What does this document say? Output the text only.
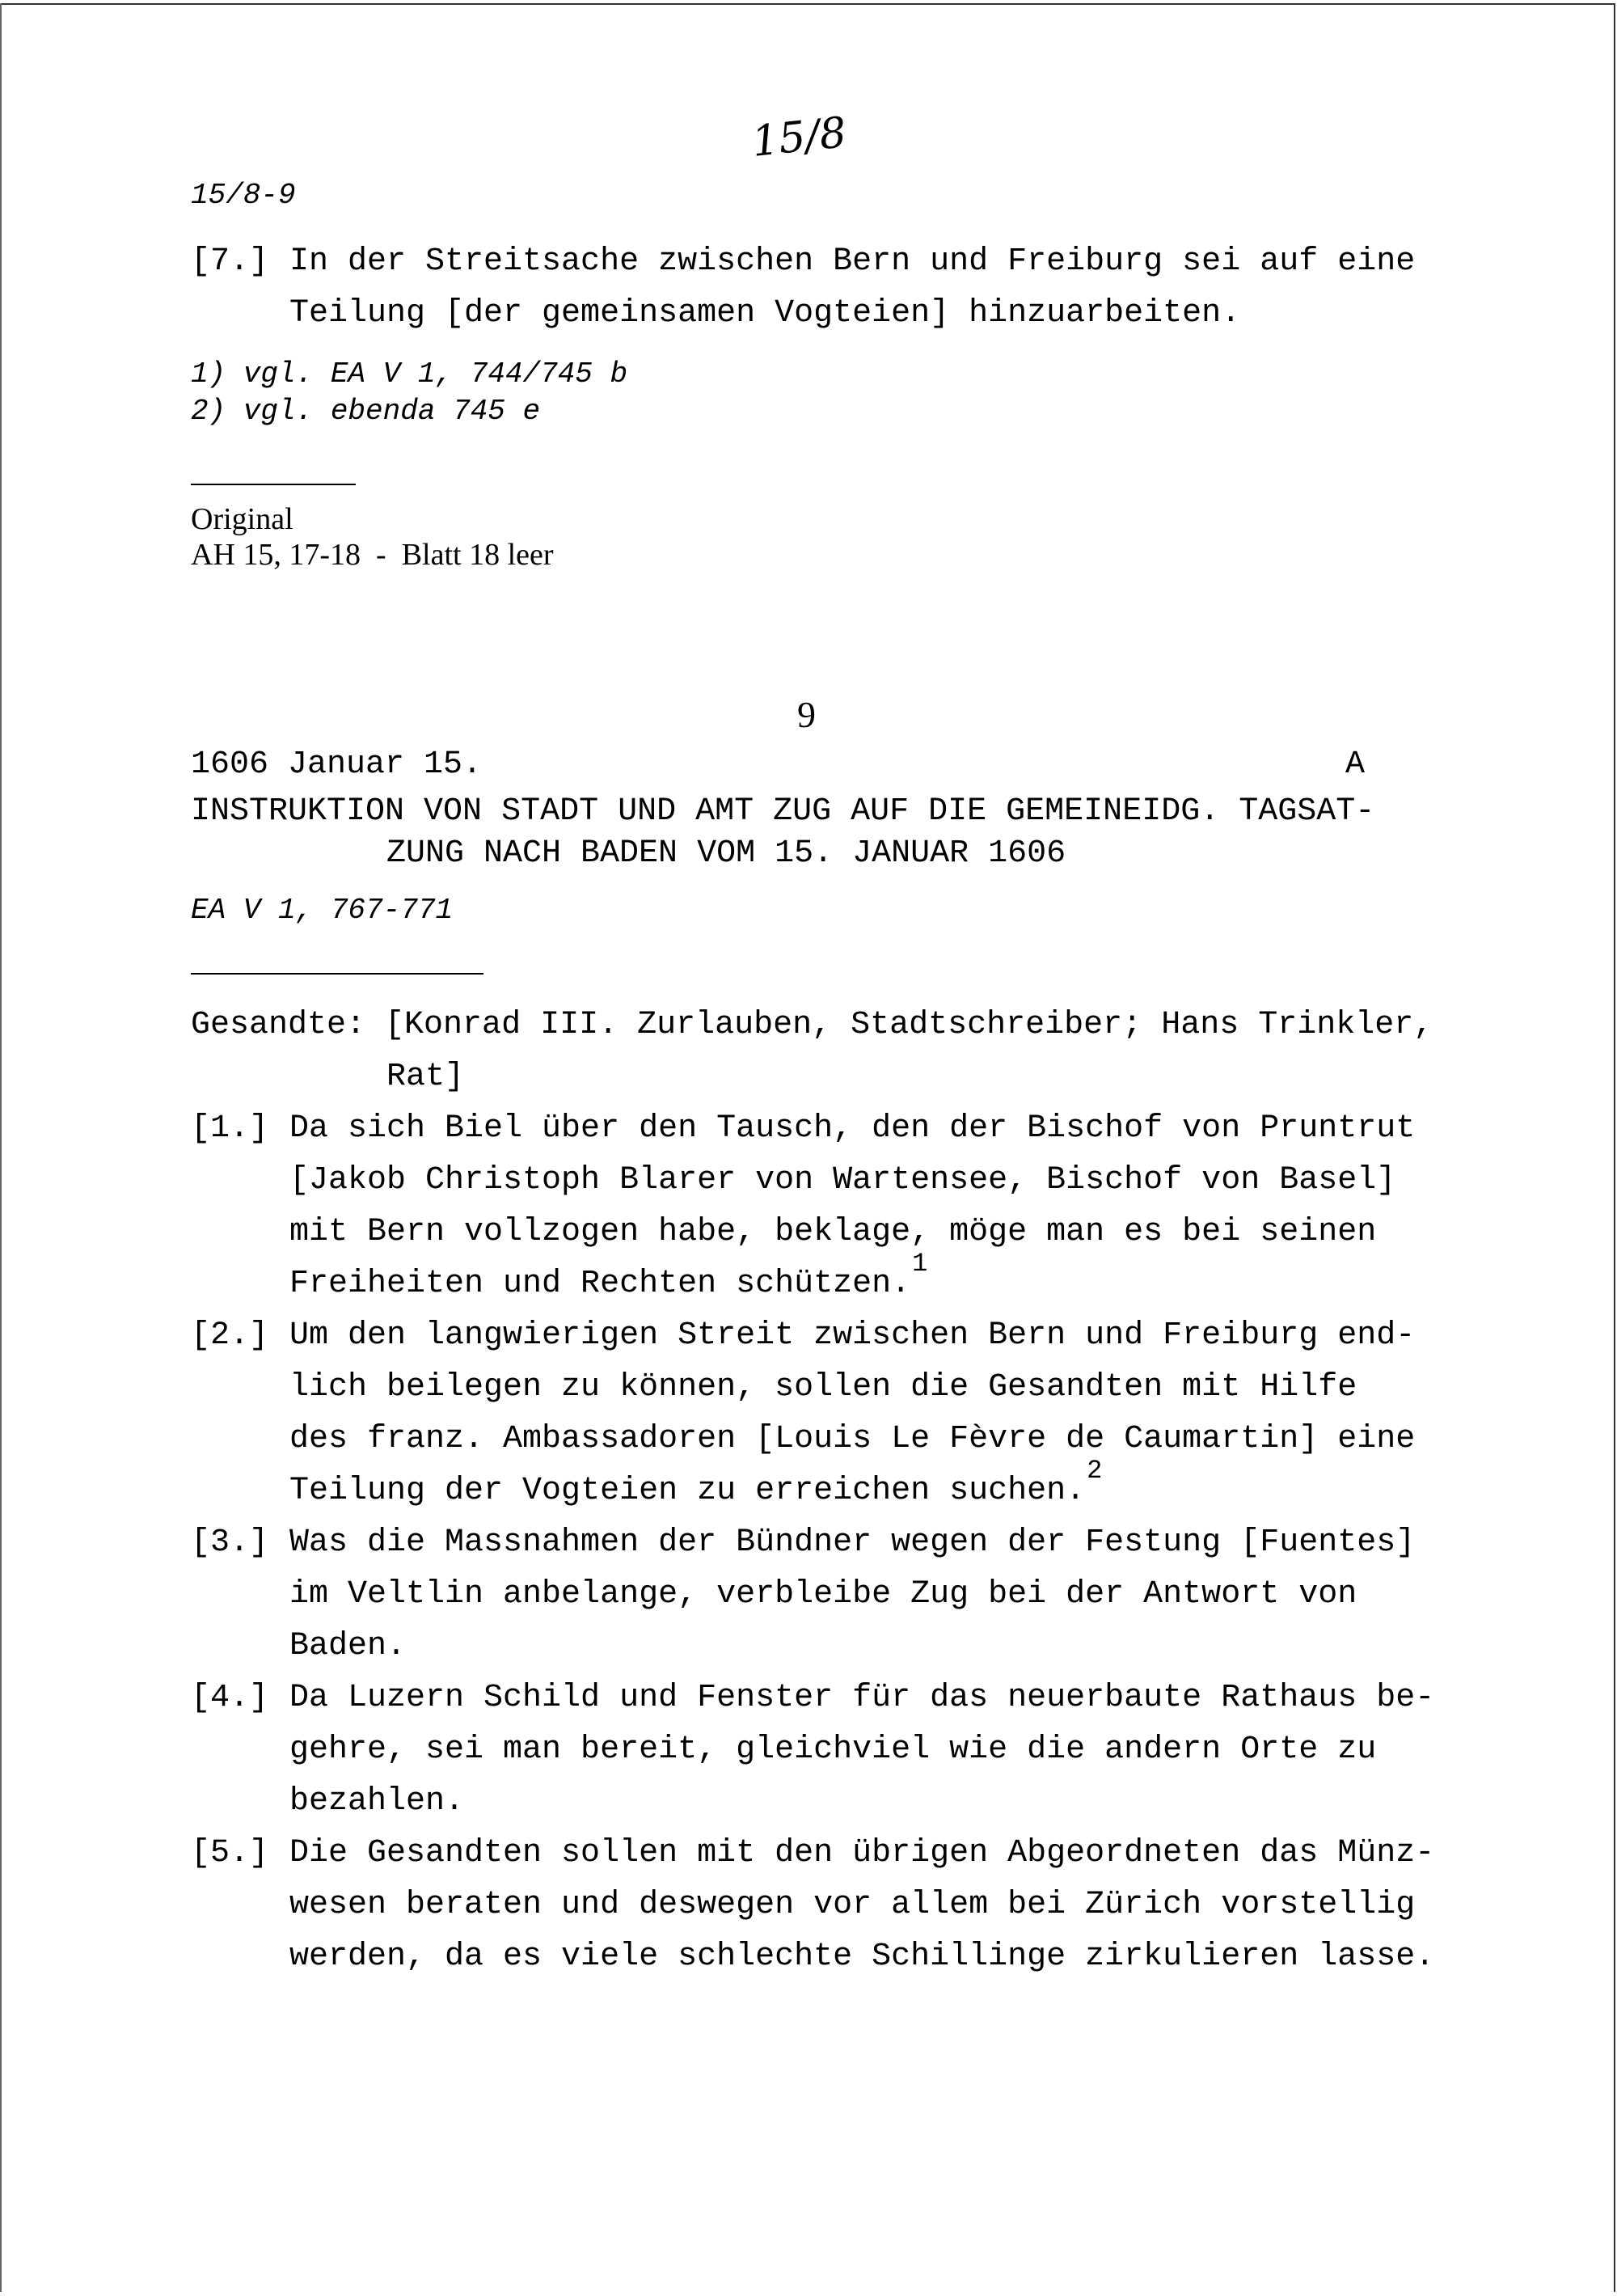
15/8
15/8-9
[7.] In der Streitsache zwischen Bern und Freiburg sei auf eine
Teilung [der gemeinsamen Vogteien] hinzuarbeiten.
1) vgl. EA V 1, 744/745 b
2) vgl. ebenda 745 e
Original
AH 15, 17-18  -  Blatt 18 leer
9
1606 Januar 15.	A
INSTRUKTION VON STADT UND AMT ZUG AUF DIE GEMEINEIDG. TAGSAT-
ZUNG NACH BADEN VOM 15. JANUAR 1606
EA V 1, 767-771
Gesandte: [Konrad III. Zurlauben, Stadtschreiber; Hans Trinkler,
Rat]
[1.] Da sich Biel über den Tausch, den der Bischof von Pruntrut
[Jakob Christoph Blarer von Wartensee, Bischof von Basel]
mit Bern vollzogen habe, beklage, möge man es bei seinen
Freiheiten und Rechten schützen.$^1$
[2.] Um den langwierigen Streit zwischen Bern und Freiburg end-
lich beilegen zu können, sollen die Gesandten mit Hilfe
des franz. Ambassadoren [Louis Le Fèvre de Caumartin] eine
Teilung der Vogteien zu erreichen suchen.$^2$
[3.] Was die Massnahmen der Bündner wegen der Festung [Fuentes]
im Veltlin anbelange, verbleibe Zug bei der Antwort von
Baden.
[4.] Da Luzern Schild und Fenster für das neuerbaute Rathaus be-
gehre, sei man bereit, gleichviel wie die andern Orte zu
bezahlen.
[5.] Die Gesandten sollen mit den übrigen Abgeordneten das Münz-
wesen beraten und deswegen vor allem bei Zürich vorstellig
werden, da es viele schlechte Schillinge zirkulieren lasse.
